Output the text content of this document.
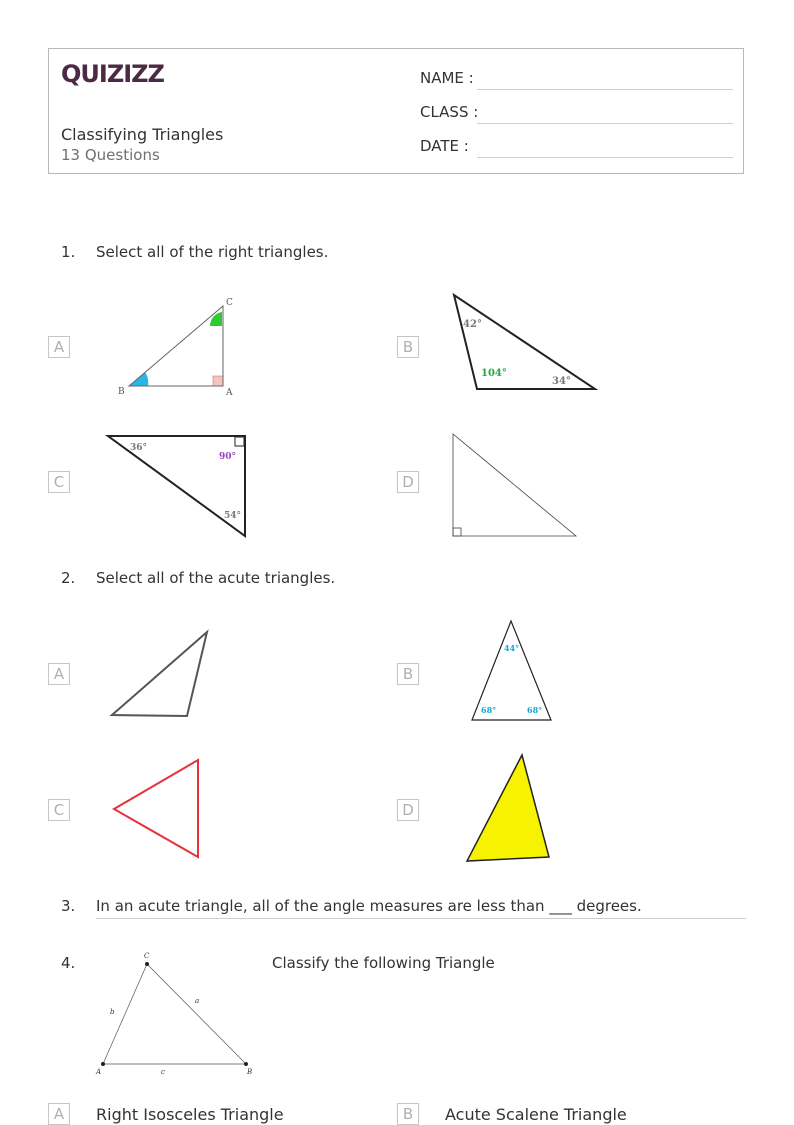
QUIZIZZ
Classifying Triangles
13 Questions
NAME :
CLASS :
DATE :
1. Select all of the right triangles.
A
C
B	A
B
42°
104°
34°
C
36°
90°
54°
D
2. Select all of the acute triangles.
A	B
44°
68°	68°
C	D
3. In an acute triangle, all of the angle measures are less than ___ degrees.
4.	C
A	B
a
b
c
Classify the following Triangle
A	Right Isosceles Triangle	B	Acute Scalene Triangle
